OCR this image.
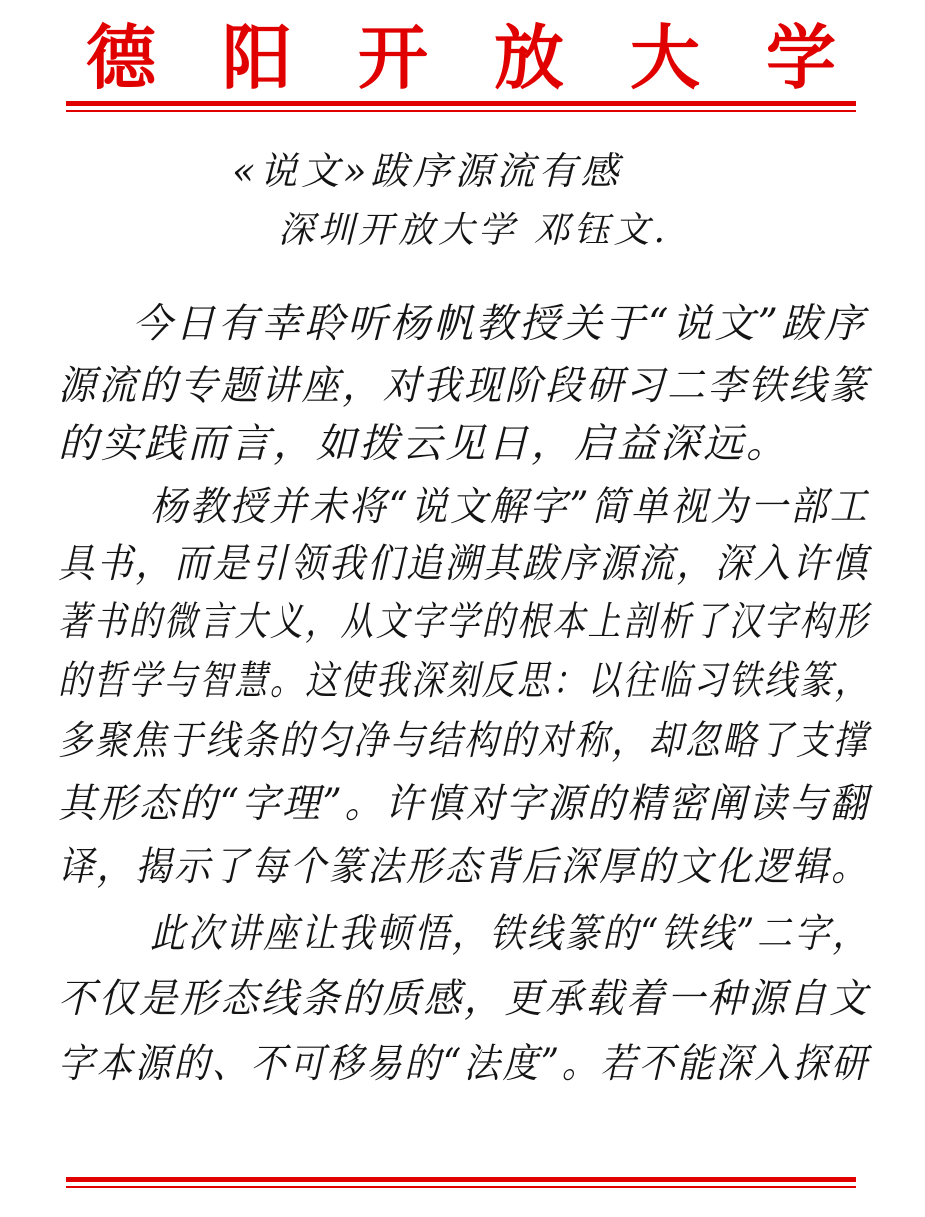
德 阳 开 放 大 学
«说文»跋序源流有感
深圳开放大学 邓钰文.
今日有幸聆听杨帆教授关于“说文”跋序
源流的专题讲座，对我现阶段研习二李铁线篆
的实践而言，如拨云见日，启益深远。
杨教授并未将“说文解字”简单视为一部工
具书，而是引领我们追溯其跋序源流，深入许慎
著书的微言大义，从文字学的根本上剖析了汉字构形
的哲学与智慧。这使我深刻反思：以往临习铁线篆，
多聚焦于线条的匀净与结构的对称，却忽略了支撑
其形态的“字理”。许慎对字源的精密阐读与翻
译，揭示了每个篆法形态背后深厚的文化逻辑。
此次讲座让我顿悟，铁线篆的“铁线”二字，
不仅是形态线条的质感，更承载着一种源自文
字本源的、不可移易的“法度”。若不能深入探研
